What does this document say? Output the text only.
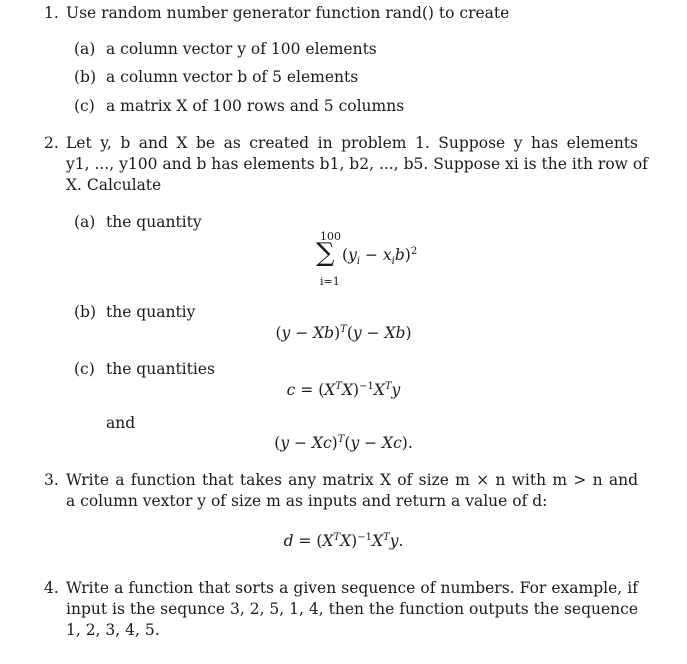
1. Use random number generator function rand() to create
(a) a column vector y of 100 elements
(b) a column vector b of 5 elements
(c) a matrix X of 100 rows and 5 columns
2. Let y, b and X be as created in problem 1. Suppose y has elements
y1, ..., y100 and b has elements b1, b2, ..., b5. Suppose xi is the ith row of
X. Calculate
(a) the quantity
100
∑ $(y_i - x_ib)^2$
i=1
(b) the quantiy
$(y - Xb)^T(y - Xb)$
(c) the quantities
$c = (X^TX)^{-1}X^Ty$
and
$(y - Xc)^T(y - Xc)$.
3. Write a function that takes any matrix X of size m × n with m > n and
a column vextor y of size m as inputs and return a value of d:
$d = (X^TX)^{-1}X^Ty$.
4. Write a function that sorts a given sequence of numbers. For example, if
input is the sequnce 3, 2, 5, 1, 4, then the function outputs the sequence
1, 2, 3, 4, 5.
